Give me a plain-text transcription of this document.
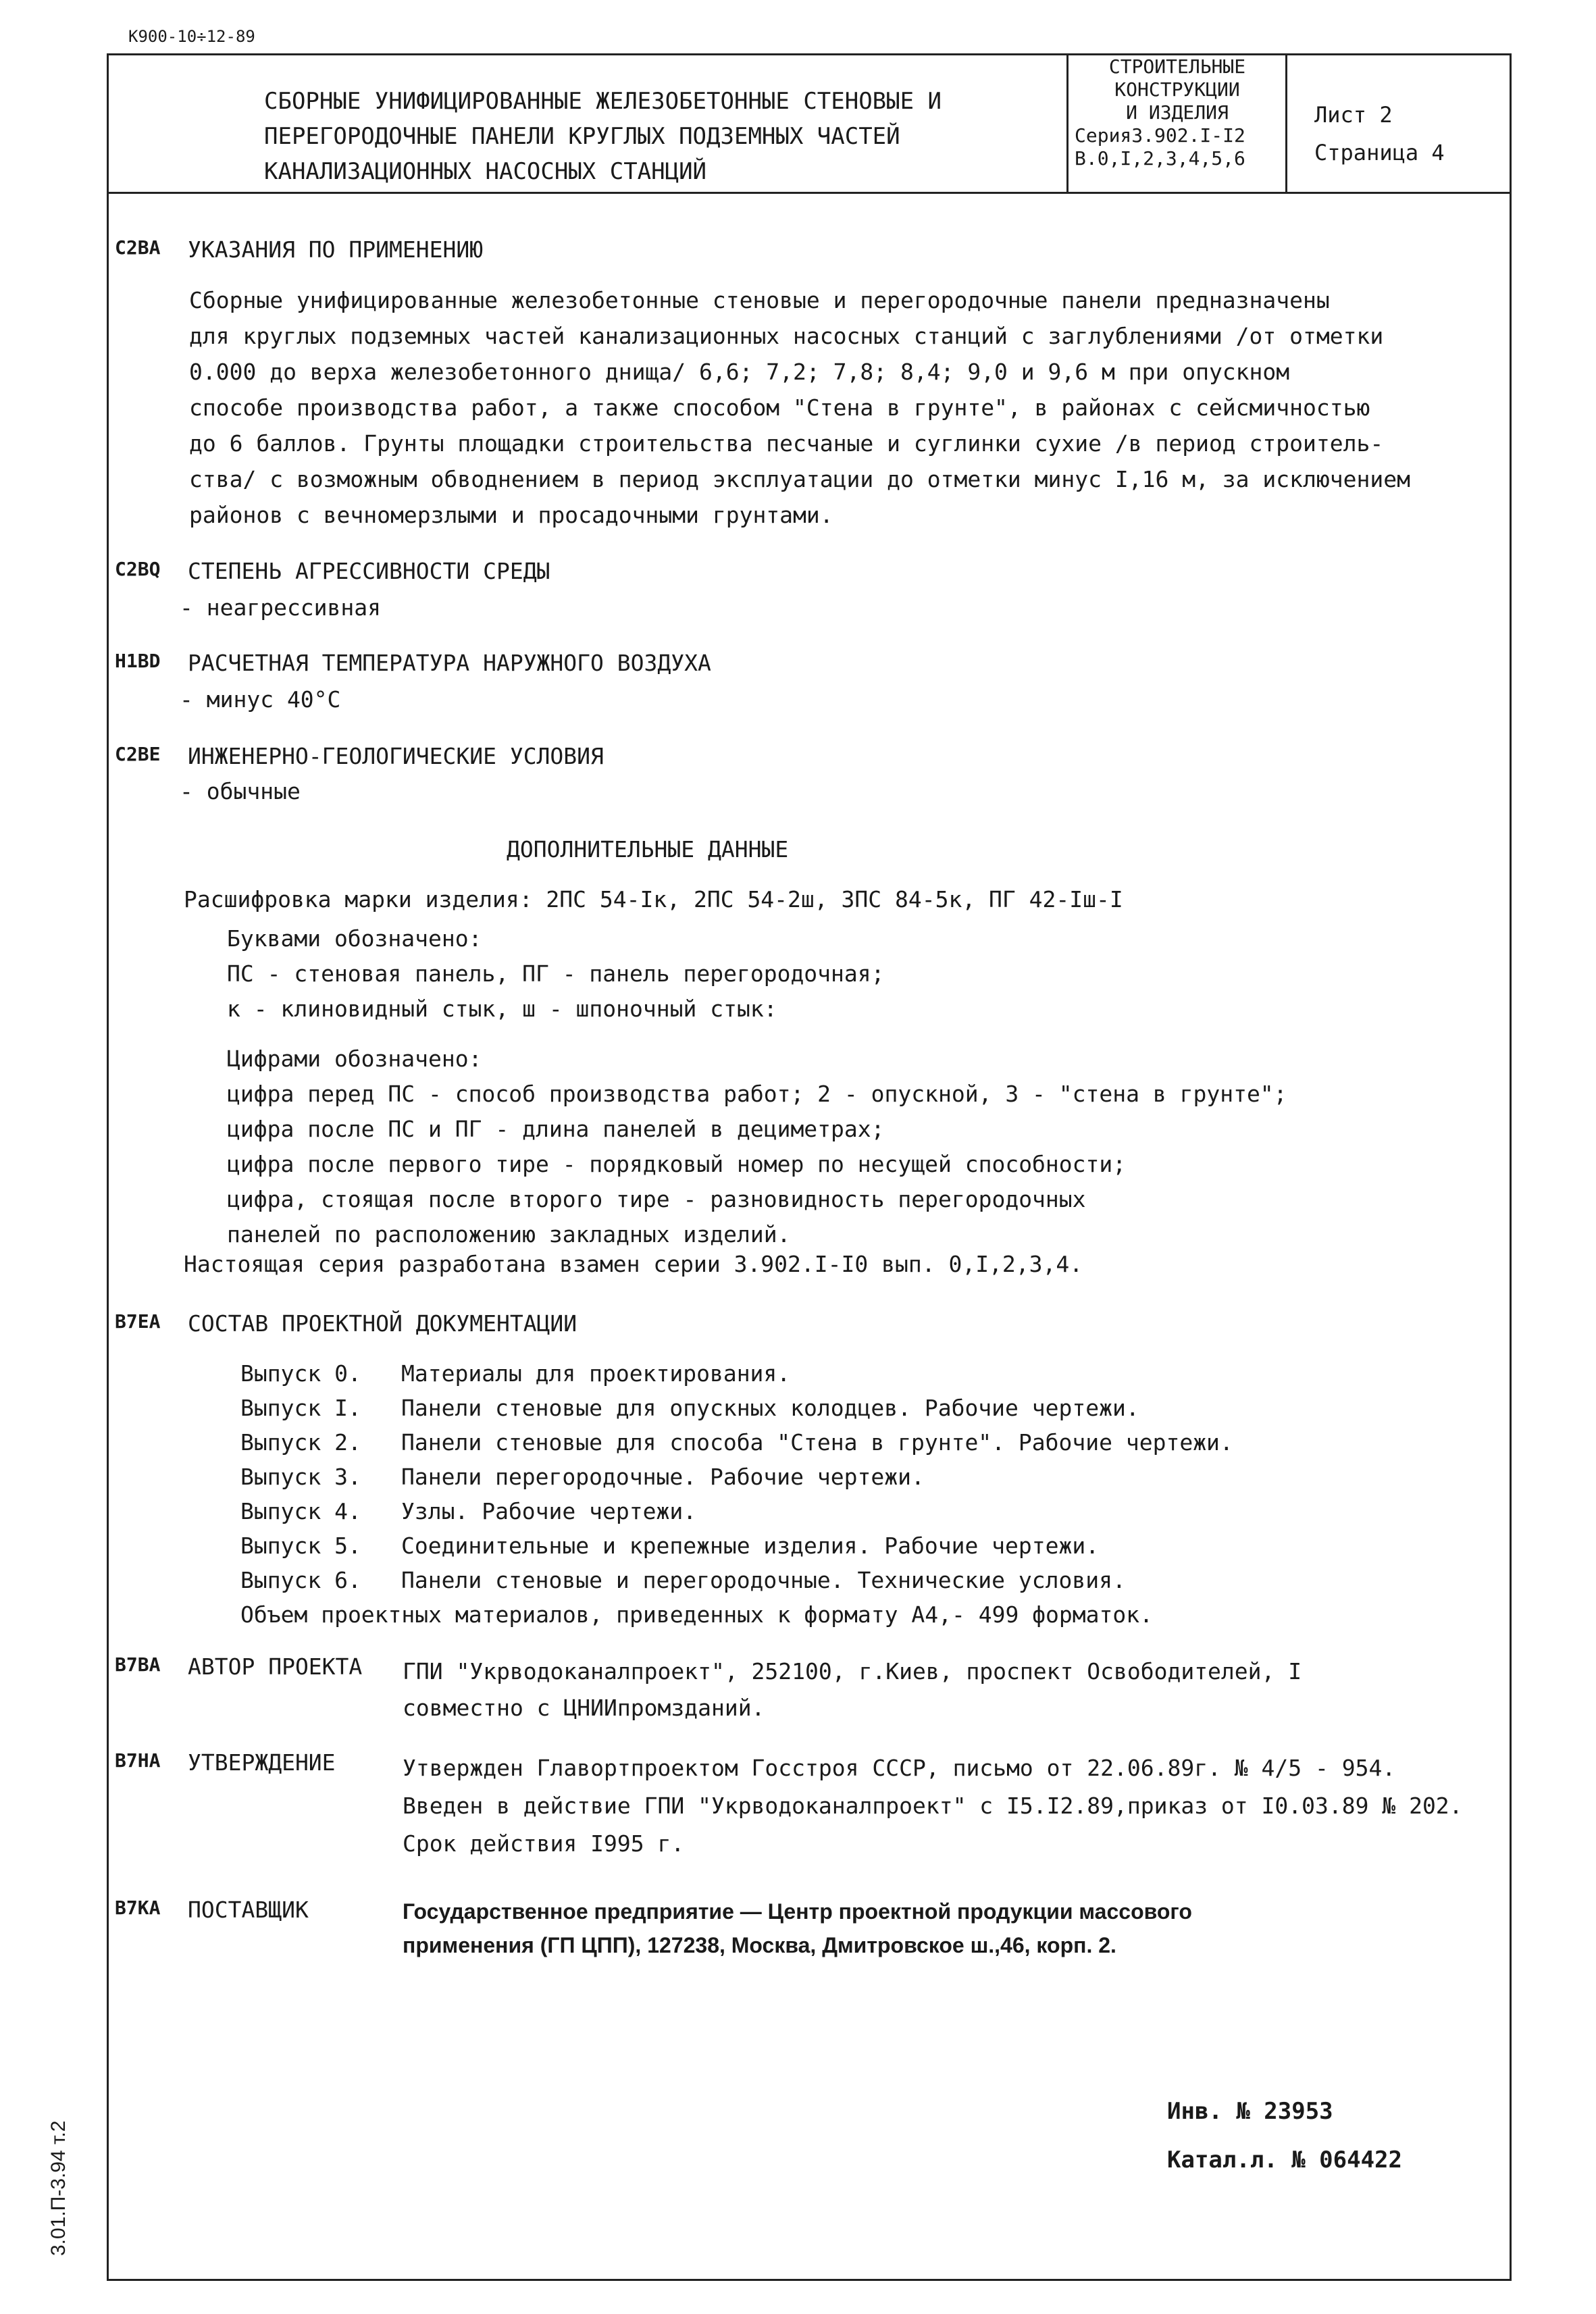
К900-10÷12-89
СБОРНЫЕ УНИФИЦИРОВАННЫЕ ЖЕЛЕЗОБЕТОННЫЕ СТЕНОВЫЕ И
ПЕРЕГОРОДОЧНЫЕ ПАНЕЛИ КРУГЛЫХ ПОДЗЕМНЫХ ЧАСТЕЙ
КАНАЛИЗАЦИОННЫХ НАСОСНЫХ СТАНЦИЙ
СТРОИТЕЛЬНЫЕ
КОНСТРУКЦИИ
И ИЗДЕЛИЯ
Серия3.902.I-I2
В.0,I,2,3,4,5,6
Лист 2
Страница 4
С2ВА УКАЗАНИЯ ПО ПРИМЕНЕНИЮ
Сборные унифицированные железобетонные стеновые и перегородочные панели предназначены
для круглых подземных частей канализационных насосных станций с заглублениями /от отметки
0.000 до верха железобетонного днища/ 6,6; 7,2; 7,8; 8,4; 9,0 и 9,6 м при опускном
способе производства работ, а также способом "Стена в грунте", в районах с сейсмичностью
до 6 баллов. Грунты площадки строительства песчаные и суглинки сухие /в период строитель-
ства/ с возможным обводнением в период эксплуатации до отметки минус I,16 м, за исключением
районов с вечномерзлыми и просадочными грунтами.
С2ВQ СТЕПЕНЬ АГРЕССИВНОСТИ СРЕДЫ
- неагрессивная
Н1ВD РАСЧЕТНАЯ ТЕМПЕРАТУРА НАРУЖНОГО ВОЗДУХА
- минус 40°С
С2ВЕ ИНЖЕНЕРНО-ГЕОЛОГИЧЕСКИЕ УСЛОВИЯ
- обычные
ДОПОЛНИТЕЛЬНЫЕ ДАННЫЕ
Расшифровка марки изделия: 2ПС 54-Iк, 2ПС 54-2ш, 3ПС 84-5к, ПГ 42-Iш-I
Буквами обозначено:
ПС - стеновая панель, ПГ - панель перегородочная;
к - клиновидный стык, ш - шпоночный стык:
Цифрами обозначено:
цифра перед ПС - способ производства работ; 2 - опускной, 3 - "стена в грунте";
цифра после ПС и ПГ - длина панелей в дециметрах;
цифра после первого тире - порядковый номер по несущей способности;
цифра, стоящая после второго тире - разновидность перегородочных
панелей по расположению закладных изделий.
Настоящая серия разработана взамен серии 3.902.I-I0 вып. 0,I,2,3,4.
В7ЕА СОСТАВ ПРОЕКТНОЙ ДОКУМЕНТАЦИИ
Выпуск 0. Материалы для проектирования.
Выпуск I. Панели стеновые для опускных колодцев. Рабочие чертежи.
Выпуск 2. Панели стеновые для способа "Стена в грунте". Рабочие чертежи.
Выпуск 3. Панели перегородочные. Рабочие чертежи.
Выпуск 4. Узлы. Рабочие чертежи.
Выпуск 5. Соединительные и крепежные изделия. Рабочие чертежи.
Выпуск 6. Панели стеновые и перегородочные. Технические условия.
Объем проектных материалов, приведенных к формату А4,- 499 форматок.
В7ВА АВТОР ПРОЕКТА ГПИ "Укрводоканалпроект", 252100, г.Киев, проспект Освободителей, I
совместно с ЦНИИпромзданий.
В7НА УТВЕРЖДЕНИЕ	Утвержден Главортпроектом Госстроя СССР, письмо от 22.06.89г. № 4/5 - 954.
Введен в действие ГПИ "Укрводоканалпроект" с I5.I2.89,приказ от I0.03.89 № 202.
Срок действия I995 г.
В7КА ПОСТАВЩИК	Государственное предприятие — Центр проектной продукции массового
применения (ГП ЦПП), 127238, Москва, Дмитровское ш.,46, корп. 2.
Инв. № 23953
Катал.л. № 064422
3.01.П-3.94 т.2
